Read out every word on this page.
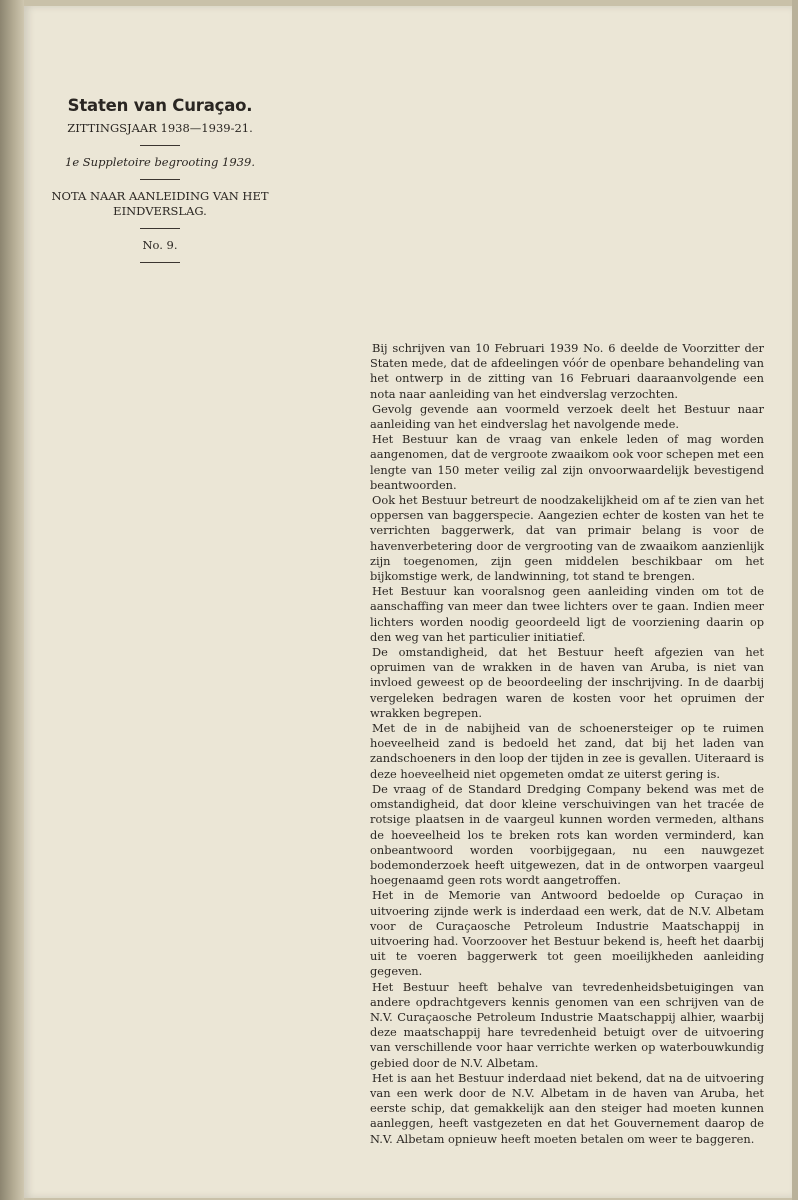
Staten van Curaçao.
ZITTINGSJAAR 1938—1939-21.
1e Suppletoire begrooting 1939.
NOTA NAAR AANLEIDING VAN HET
EINDVERSLAG.
No. 9.

Bij schrijven van 10 Februari 1939 No. 6 deelde de Voorzitter der Staten mede, dat de afdeelingen vóór de openbare behandeling van het ontwerp in de zitting van 16 Februari daaraanvolgende een nota naar aanleiding van het eindverslag verzochten.

Gevolg gevende aan voormeld verzoek deelt het Bestuur naar aanleiding van het eindverslag het navolgende mede.

Het Bestuur kan de vraag van enkele leden of mag worden aangenomen, dat de vergroote zwaaikom ook voor schepen met een lengte van 150 meter veilig zal zijn onvoorwaardelijk bevestigend beantwoorden.

Ook het Bestuur betreurt de noodzakelijkheid om af te zien van het oppersen van baggerspecie. Aangezien echter de kosten van het te verrichten baggerwerk, dat van primair belang is voor de havenverbetering door de vergrooting van de zwaaikom aanzienlijk zijn toegenomen, zijn geen middelen beschikbaar om het bijkomstige werk, de landwinning, tot stand te brengen.

Het Bestuur kan vooralsnog geen aanleiding vinden om tot de aanschaffing van meer dan twee lichters over te gaan. Indien meer lichters worden noodig geoordeeld ligt de voorziening daarin op den weg van het particulier initiatief.

De omstandigheid, dat het Bestuur heeft afgezien van het opruimen van de wrakken in de haven van Aruba, is niet van invloed geweest op de beoordeeling der inschrijving. In de daarbij vergeleken bedragen waren de kosten voor het opruimen der wrakken begrepen.

Met de in de nabijheid van de schoenersteiger op te ruimen hoeveelheid zand is bedoeld het zand, dat bij het laden van zandschoeners in den loop der tijden in zee is gevallen. Uiteraard is deze hoeveelheid niet opgemeten omdat ze uiterst gering is.

De vraag of de Standard Dredging Company bekend was met de omstandigheid, dat door kleine verschuivingen van het tracée de rotsige plaatsen in de vaargeul kunnen worden vermeden, althans de hoeveelheid los te breken rots kan worden verminderd, kan onbeantwoord worden voorbijgegaan, nu een nauwgezet bodemonderzoek heeft uitgewezen, dat in de ontworpen vaargeul hoegenaamd geen rots wordt aangetroffen.

Het in de Memorie van Antwoord bedoelde op Curaçao in uitvoering zijnde werk is inderdaad een werk, dat de N.V. Albetam voor de Curaçaosche Petroleum Industrie Maatschappij in uitvoering had. Voorzoover het Bestuur bekend is, heeft het daarbij uit te voeren baggerwerk tot geen moeilijkheden aanleiding gegeven.

Het Bestuur heeft behalve van tevredenheidsbetuigingen van andere opdrachtgevers kennis genomen van een schrijven van de N.V. Curaçaosche Petroleum Industrie Maatschappij alhier, waarbij deze maatschappij hare tevredenheid betuigt over de uitvoering van verschillende voor haar verrichte werken op waterbouwkundig gebied door de N.V. Albetam.

Het is aan het Bestuur inderdaad niet bekend, dat na de uitvoering van een werk door de N.V. Albetam in de haven van Aruba, het eerste schip, dat gemakkelijk aan den steiger had moeten kunnen aanleggen, heeft vastgezeten en dat het Gouvernement daarop de N.V. Albetam opnieuw heeft moeten betalen om weer te baggeren.
